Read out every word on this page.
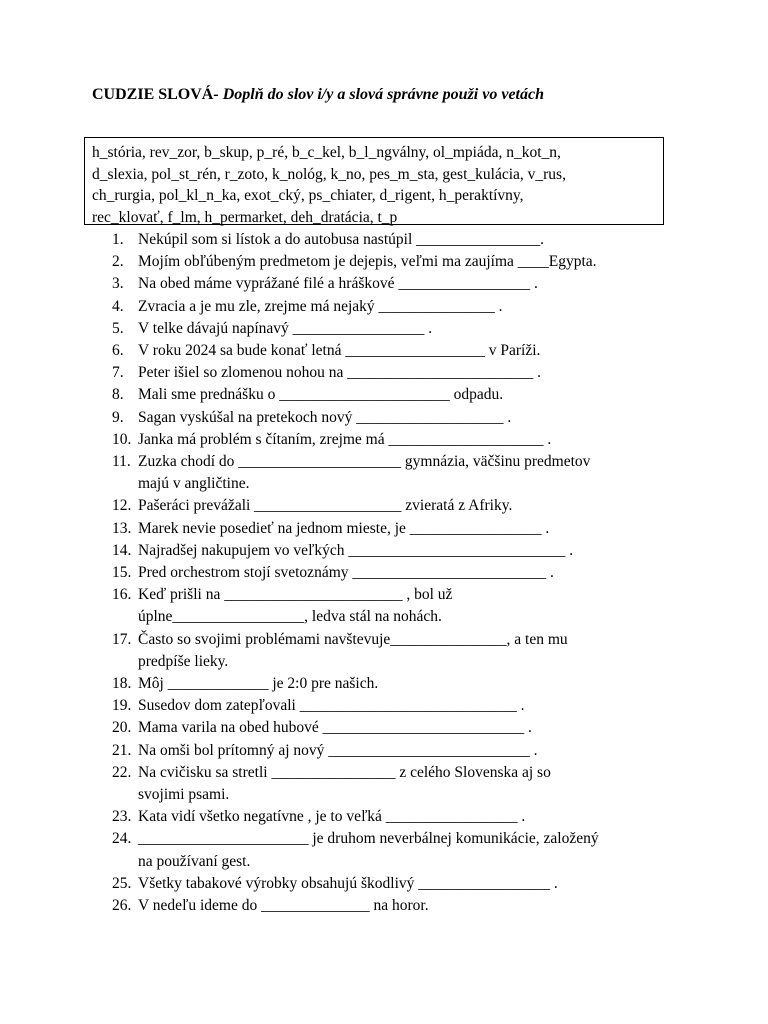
CUDZIE SLOVÁ- Doplň do slov i/y a slová správne použi vo vetách
h_stória, rev_zor, b_skup, p_ré, b_c_kel, b_l_ngválny, ol_mpiáda, n_kot_n,
d_slexia, pol_st_rén, r_zoto, k_nológ, k_no, pes_m_sta, gest_kulácia, v_rus,
ch_rurgia, pol_kl_n_ka, exot_cký, ps_chiater, d_rigent, h_peraktívny,
rec_klovať, f_lm, h_permarket, deh_dratácia, t_p
1. Nekúpil som si lístok a do autobusa nastúpil ________________.
2. Mojím obľúbeným predmetom je dejepis, veľmi ma zaujíma ____Egypta.
3. Na obed máme vyprážané filé a hráškové _________________ .
4. Zvracia a je mu zle, zrejme má nejaký _______________ .
5. V telke dávajú napínavý _________________ .
6. V roku 2024 sa bude konať letná __________________ v Paríži.
7. Peter išiel so zlomenou nohou na ________________________ .
8. Mali sme prednášku o ______________________ odpadu.
9. Sagan vyskúšal na pretekoch nový ___________________ .
10. Janka má problém s čítaním, zrejme má ____________________ .
11. Zuzka chodí do _____________________ gymnázia, väčšinu predmetov
majú v angličtine.
12. Pašeráci prevážali ___________________ zvieratá z Afriky.
13. Marek nevie posedieť na jednom mieste, je _________________ .
14. Najradšej nakupujem vo veľkých ____________________________ .
15. Pred orchestrom stojí svetoznámy _________________________ .
16. Keď prišli na _______________________ , bol už
úplne_________________, ledva stál na nohách.
17. Často so svojimi problémami navštevuje_______________, a ten mu
predpíše lieky.
18. Môj _____________ je 2:0 pre našich.
19. Susedov dom zatepľovali ____________________________ .
20. Mama varila na obed hubové __________________________ .
21. Na omši bol prítomný aj nový __________________________ .
22. Na cvičisku sa stretli ________________ z celého Slovenska aj so
svojimi psami.
23. Kata vidí všetko negatívne , je to veľká _________________ .
24. ______________________ je druhom neverbálnej komunikácie, založený
na používaní gest.
25. Všetky tabakové výrobky obsahujú škodlivý _________________ .
26. V nedeľu ideme do ______________ na horor.
